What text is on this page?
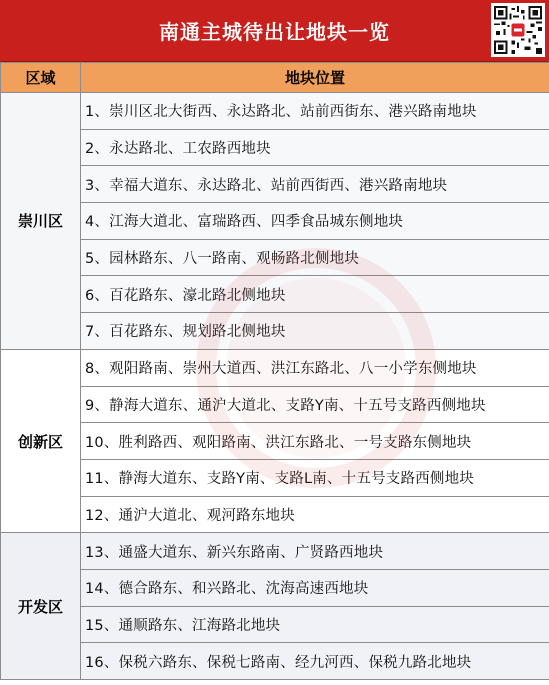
南通主城待出让地块一览
区域	地块位置
崇川区	1、崇川区北大街西、永达路北、站前西街东、港兴路南地块
	2、永达路北、工农路西地块
	3、幸福大道东、永达路北、站前西街西、港兴路南地块
	4、江海大道北、富瑞路西、四季食品城东侧地块
	5、园林路东、八一路南、观畅路北侧地块
	6、百花路东、濠北路北侧地块
	7、百花路东、规划路北侧地块
创新区	8、观阳路南、崇州大道西、洪江东路北、八一小学东侧地块
	9、静海大道东、通沪大道北、支路Y南、十五号支路西侧地块
	10、胜利路西、观阳路南、洪江东路北、一号支路东侧地块
	11、静海大道东、支路Y南、支路L南、十五号支路西侧地块
	12、通沪大道北、观河路东地块
开发区	13、通盛大道东、新兴东路南、广贤路西地块
	14、德合路东、和兴路北、沈海高速西地块
	15、通顺路东、江海路北地块
	16、保税六路东、保税七路南、经九河西、保税九路北地块
